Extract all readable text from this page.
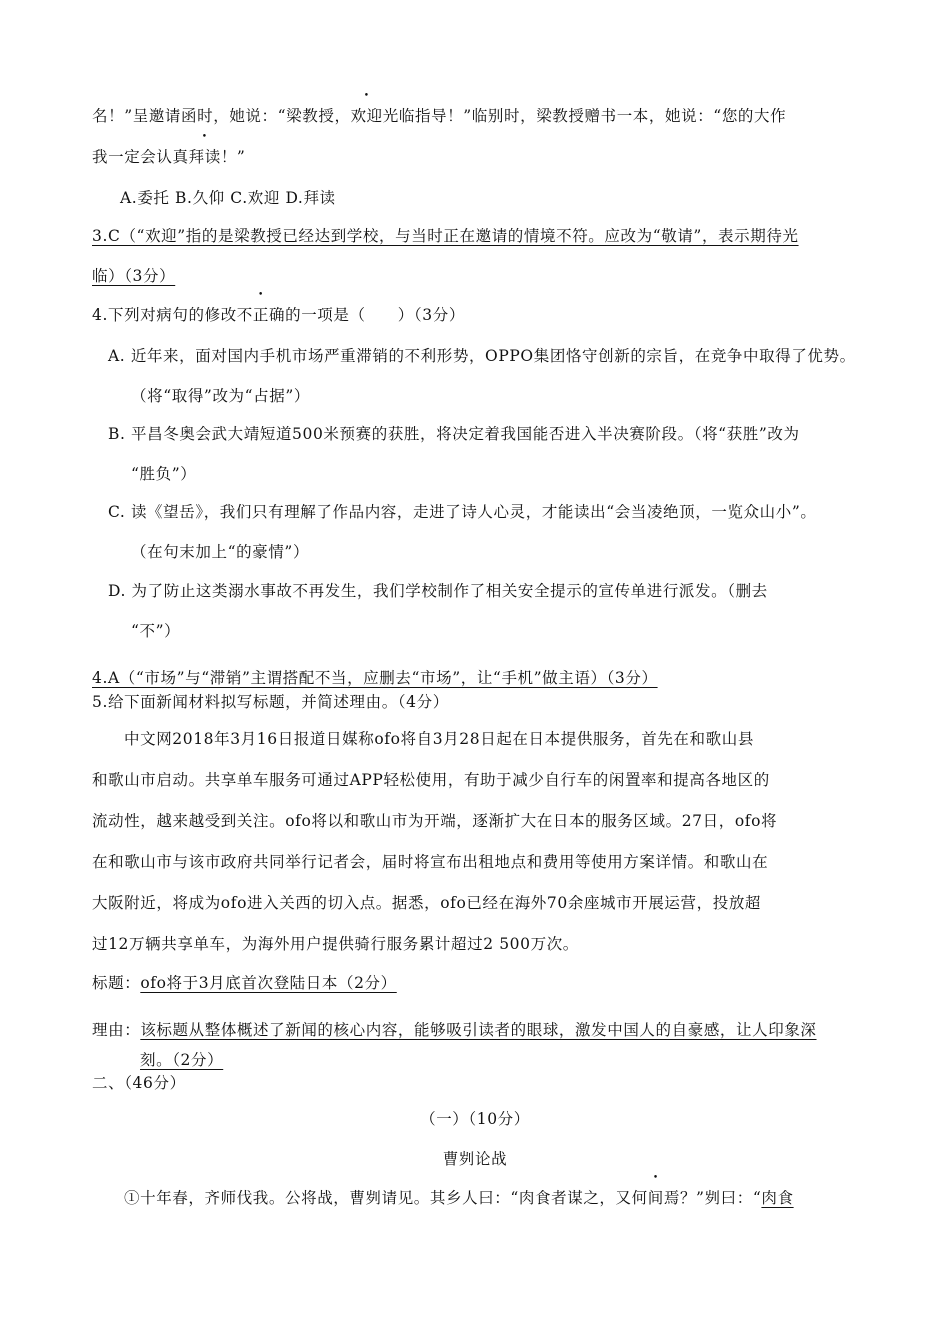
名！”呈邀请函时，她说：“梁教授，欢迎光临指导！”临别时，梁教授赠书一本，她说：“您的大作
我一定会认真拜读！”
A.委托 B.久仰 C.欢迎 D.拜读
3.C（“欢迎”指的是梁教授已经达到学校，与当时正在邀请的情境不符。应改为“敬请”，表示期待光
临）（3分）
4.下列对病句的修改不正确的一项是（　　）（3分）
A. 近年来，面对国内手机市场严重滞销的不利形势，OPPO集团恪守创新的宗旨，在竞争中取得了优势。
（将“取得”改为“占据”）
B. 平昌冬奥会武大靖短道500米预赛的获胜，将决定着我国能否进入半决赛阶段。（将“获胜”改为
“胜负”）
C. 读《望岳》，我们只有理解了作品内容，走进了诗人心灵，才能读出“会当凌绝顶，一览众山小”。
（在句末加上“的豪情”）
D. 为了防止这类溺水事故不再发生，我们学校制作了相关安全提示的宣传单进行派发。（删去
“不”）
4.A（“市场”与“滞销”主谓搭配不当，应删去“市场”，让“手机”做主语）（3分）
5.给下面新闻材料拟写标题，并简述理由。（4分）
中文网2018年3月16日报道日媒称ofo将自3月28日起在日本提供服务，首先在和歌山县
和歌山市启动。共享单车服务可通过APP轻松使用，有助于减少自行车的闲置率和提高各地区的
流动性，越来越受到关注。ofo将以和歌山市为开端，逐渐扩大在日本的服务区域。27日，ofo将
在和歌山市与该市政府共同举行记者会，届时将宣布出租地点和费用等使用方案详情。和歌山在
大阪附近，将成为ofo进入关西的切入点。据悉，ofo已经在海外70余座城市开展运营，投放超
过12万辆共享单车，为海外用户提供骑行服务累计超过2 500万次。
标题：ofo将于3月底首次登陆日本（2分）
理由：该标题从整体概述了新闻的核心内容，能够吸引读者的眼球，激发中国人的自豪感，让人印象深
刻。（2分）
二、（46分）
（一）（10分）
曹刿论战
①十年春，齐师伐我。公将战，曹刿请见。其乡人曰：“肉食者谋之，又何间焉？”刿曰：“肉食
